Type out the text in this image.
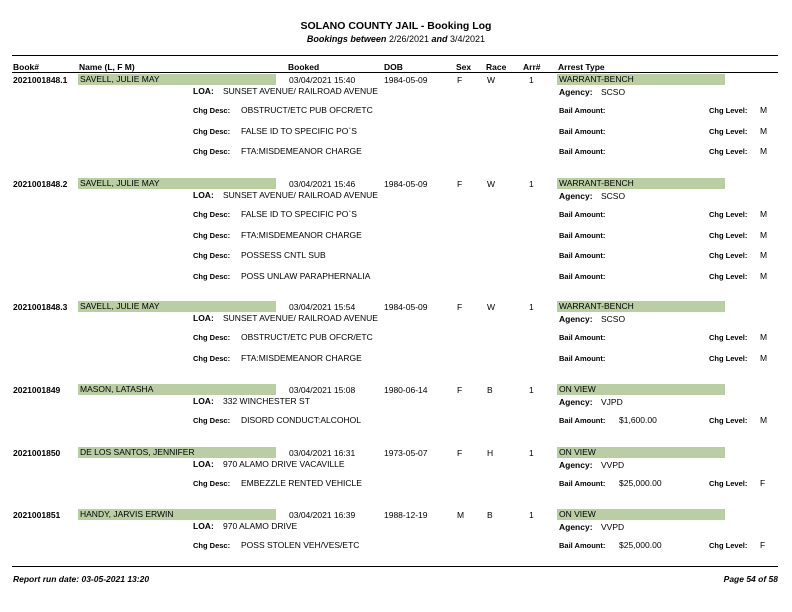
SOLANO COUNTY JAIL - Booking Log
Bookings between 2/26/2021 and 3/4/2021
Book#	Name (L, F M)	Booked	DOB	Sex Race Arr# Arrest Type
2021001848.1 SAVELL, JULIE MAY	03/04/2021 15:40	1984-05-09	F	W	1	WARRANT-BENCH
LOA: SUNSET AVENUE/ RAILROAD AVENUE	Agency: SCSO
Chg Desc: OBSTRUCT/ETC PUB OFCR/ETC	Bail Amount:	Chg Level: M
Chg Desc: FALSE ID TO SPECIFIC PO`S	Bail Amount:	Chg Level: M
Chg Desc: FTA:MISDEMEANOR CHARGE	Bail Amount:	Chg Level: M
2021001848.2 SAVELL, JULIE MAY	03/04/2021 15:46	1984-05-09	F	W	1	WARRANT-BENCH
LOA: SUNSET AVENUE/ RAILROAD AVENUE	Agency: SCSO
Chg Desc: FALSE ID TO SPECIFIC PO`S	Bail Amount:	Chg Level: M
Chg Desc: FTA:MISDEMEANOR CHARGE	Bail Amount:	Chg Level: M
Chg Desc: POSSESS CNTL SUB	Bail Amount:	Chg Level: M
Chg Desc: POSS UNLAW PARAPHERNALIA	Bail Amount:	Chg Level: M
2021001848.3 SAVELL, JULIE MAY	03/04/2021 15:54	1984-05-09	F	W	1	WARRANT-BENCH
LOA: SUNSET AVENUE/ RAILROAD AVENUE	Agency: SCSO
Chg Desc: OBSTRUCT/ETC PUB OFCR/ETC	Bail Amount:	Chg Level: M
Chg Desc: FTA:MISDEMEANOR CHARGE	Bail Amount:	Chg Level: M
2021001849 MASON, LATASHA	03/04/2021 15:08	1980-06-14	F	B	1	ON VIEW
LOA: 332 WINCHESTER ST	Agency: VJPD
Chg Desc: DISORD CONDUCT:ALCOHOL	Bail Amount: $1,600.00	Chg Level: M
2021001850 DE LOS SANTOS, JENNIFER	03/04/2021 16:31	1973-05-07	F	H	1	ON VIEW
LOA: 970 ALAMO DRIVE VACAVILLE	Agency: VVPD
Chg Desc: EMBEZZLE RENTED VEHICLE	Bail Amount: $25,000.00	Chg Level: F
2021001851 HANDY, JARVIS ERWIN	03/04/2021 16:39	1988-12-19	M	B	1	ON VIEW
LOA: 970 ALAMO DRIVE	Agency: VVPD
Chg Desc: POSS STOLEN VEH/VES/ETC	Bail Amount: $25,000.00	Chg Level: F
Report run date: 03-05-2021 13:20	Page 54 of 58
